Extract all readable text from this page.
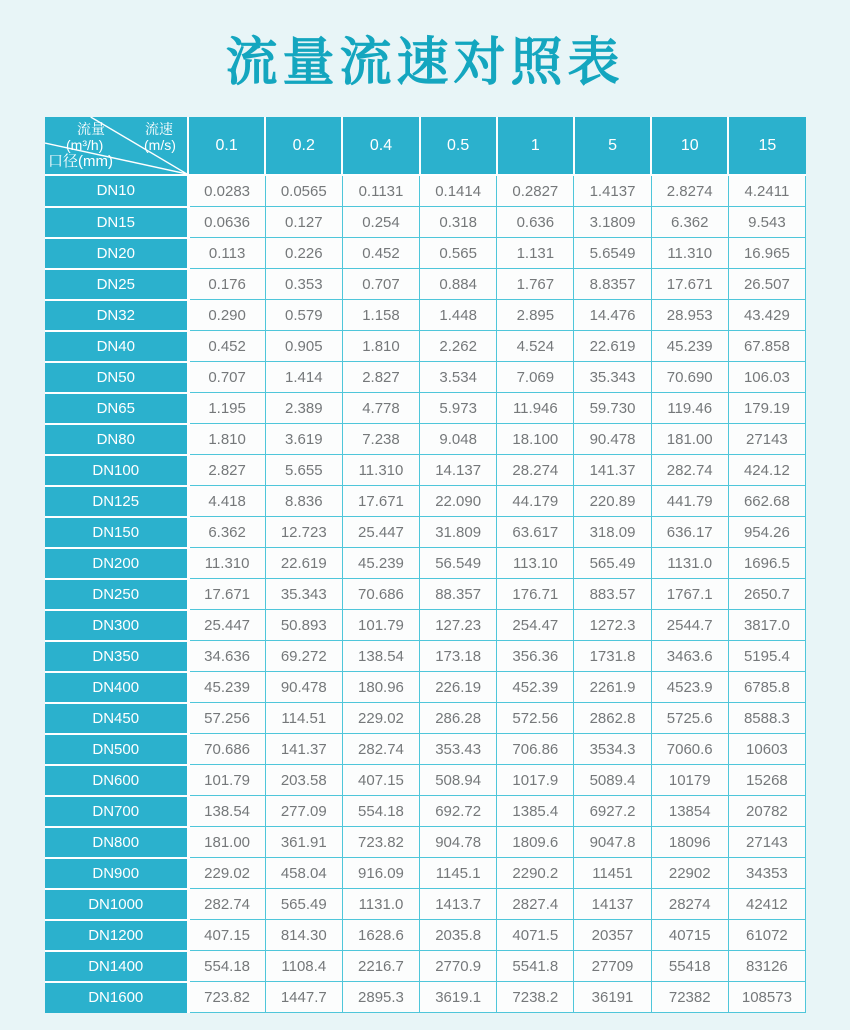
流量流速对照表
流量
(m³/h)
流速
(m/s)
口径(mm)	0.1	0.2	0.4	0.5	1	5	10	15
DN10	0.0283	0.0565	0.1131	0.1414	0.2827	1.4137	2.8274	4.2411
DN15	0.0636	0.127	0.254	0.318	0.636	3.1809	6.362	9.543
DN20	0.113	0.226	0.452	0.565	1.131	5.6549	11.310	16.965
DN25	0.176	0.353	0.707	0.884	1.767	8.8357	17.671	26.507
DN32	0.290	0.579	1.158	1.448	2.895	14.476	28.953	43.429
DN40	0.452	0.905	1.810	2.262	4.524	22.619	45.239	67.858
DN50	0.707	1.414	2.827	3.534	7.069	35.343	70.690	106.03
DN65	1.195	2.389	4.778	5.973	11.946	59.730	119.46	179.19
DN80	1.810	3.619	7.238	9.048	18.100	90.478	181.00	27143
DN100	2.827	5.655	11.310	14.137	28.274	141.37	282.74	424.12
DN125	4.418	8.836	17.671	22.090	44.179	220.89	441.79	662.68
DN150	6.362	12.723	25.447	31.809	63.617	318.09	636.17	954.26
DN200	11.310	22.619	45.239	56.549	113.10	565.49	1131.0	1696.5
DN250	17.671	35.343	70.686	88.357	176.71	883.57	1767.1	2650.7
DN300	25.447	50.893	101.79	127.23	254.47	1272.3	2544.7	3817.0
DN350	34.636	69.272	138.54	173.18	356.36	1731.8	3463.6	5195.4
DN400	45.239	90.478	180.96	226.19	452.39	2261.9	4523.9	6785.8
DN450	57.256	114.51	229.02	286.28	572.56	2862.8	5725.6	8588.3
DN500	70.686	141.37	282.74	353.43	706.86	3534.3	7060.6	10603
DN600	101.79	203.58	407.15	508.94	1017.9	5089.4	10179	15268
DN700	138.54	277.09	554.18	692.72	1385.4	6927.2	13854	20782
DN800	181.00	361.91	723.82	904.78	1809.6	9047.8	18096	27143
DN900	229.02	458.04	916.09	1145.1	2290.2	11451	22902	34353
DN1000	282.74	565.49	1131.0	1413.7	2827.4	14137	28274	42412
DN1200	407.15	814.30	1628.6	2035.8	4071.5	20357	40715	61072
DN1400	554.18	1108.4	2216.7	2770.9	5541.8	27709	55418	83126
DN1600	723.82	1447.7	2895.3	3619.1	7238.2	36191	72382	108573
